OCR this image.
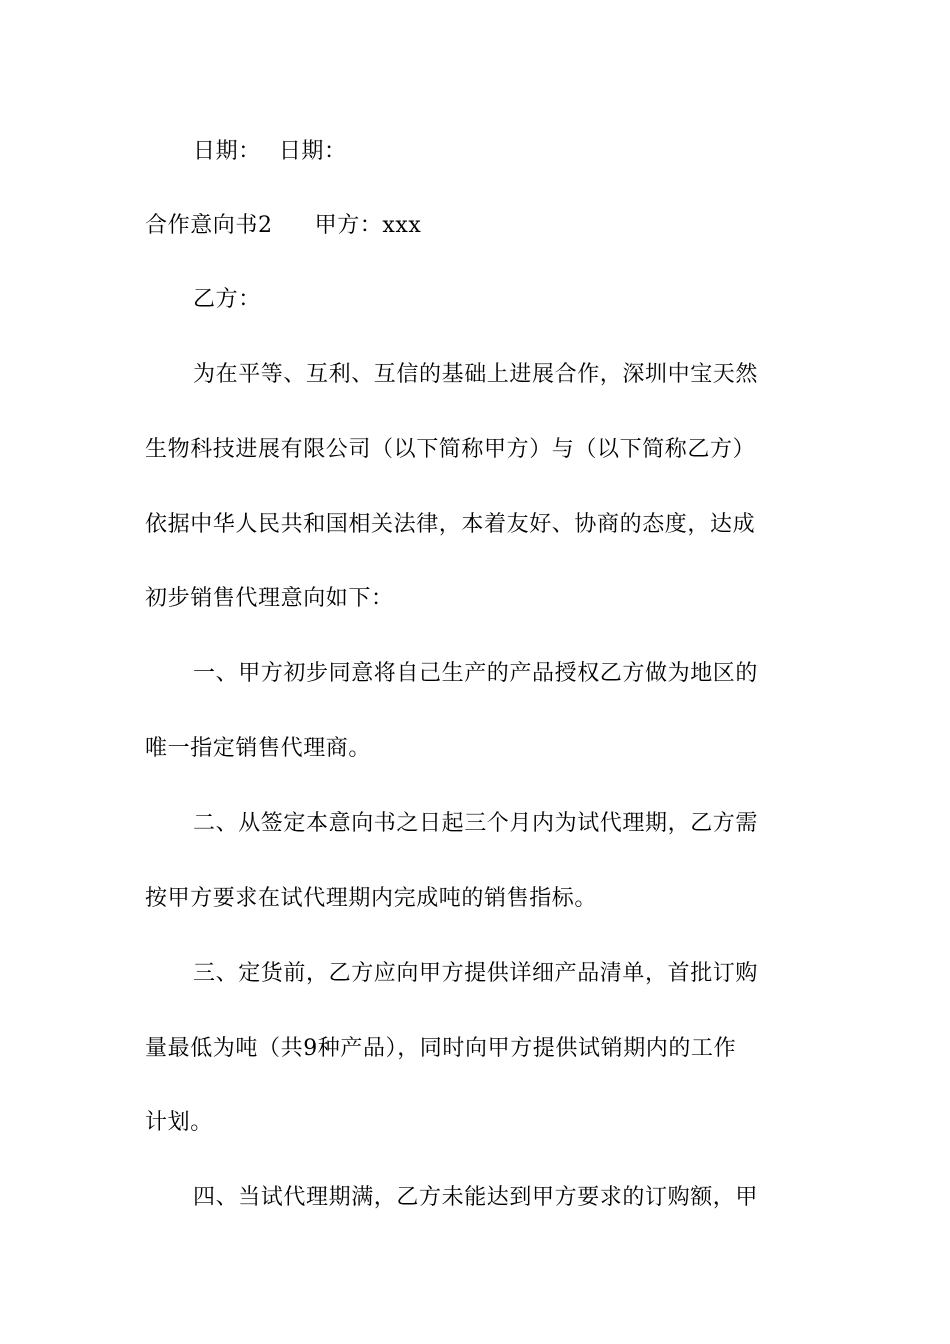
日期： 日期：
合作意向书2 甲方：xxx
乙方：
为在平等、互利、互信的基础上进展合作，深圳中宝天然
生物科技进展有限公司（以下简称甲方）与（以下简称乙方）
依据中华人民共和国相关法律，本着友好、协商的态度，达成
初步销售代理意向如下：
一、甲方初步同意将自己生产的产品授权乙方做为地区的
唯一指定销售代理商。
二、从签定本意向书之日起三个月内为试代理期，乙方需
按甲方要求在试代理期内完成吨的销售指标。
三、定货前，乙方应向甲方提供详细产品清单，首批订购
量最低为吨（共9种产品），同时向甲方提供试销期内的工作
计划。
四、当试代理期满，乙方未能达到甲方要求的订购额，甲
